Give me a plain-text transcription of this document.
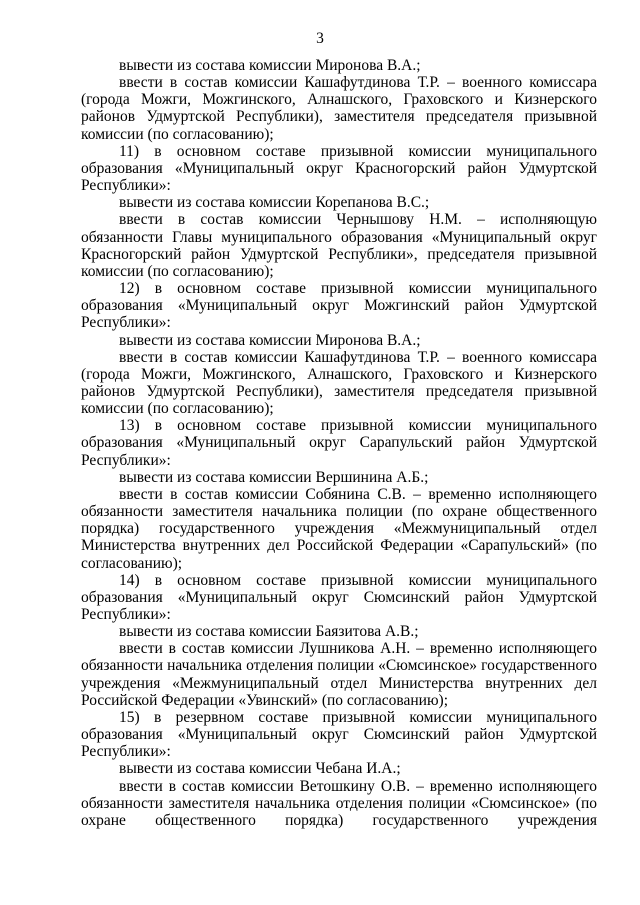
3

вывести из состава комиссии Миронова В.А.;

ввести в состав комиссии Кашафутдинова Т.Р. – военного комиссара (города Можги, Можгинского, Алнашского, Граховского и Кизнерского районов Удмуртской Республики), заместителя председателя призывной комиссии (по согласованию);

11) в основном составе призывной комиссии муниципального образования «Муниципальный округ Красногорский район Удмуртской Республики»:

вывести из состава комиссии Корепанова В.С.;

ввести в состав комиссии Чернышову Н.М. – исполняющую обязанности Главы муниципального образования «Муниципальный округ Красногорский район Удмуртской Республики», председателя призывной комиссии (по согласованию);

12) в основном составе призывной комиссии муниципального образования «Муниципальный округ Можгинский район Удмуртской Республики»:

вывести из состава комиссии Миронова В.А.;

ввести в состав комиссии Кашафутдинова Т.Р. – военного комиссара (города Можги, Можгинского, Алнашского, Граховского и Кизнерского районов Удмуртской Республики), заместителя председателя призывной комиссии (по согласованию);

13) в основном составе призывной комиссии муниципального образования «Муниципальный округ Сарапульский район Удмуртской Республики»:

вывести из состава комиссии Вершинина А.Б.;

ввести в состав комиссии Собянина С.В. – временно исполняющего обязанности заместителя начальника полиции (по охране общественного порядка) государственного учреждения «Межмуниципальный отдел Министерства внутренних дел Российской Федерации «Сарапульский» (по согласованию);

14) в основном составе призывной комиссии муниципального образования «Муниципальный округ Сюмсинский район Удмуртской Республики»:

вывести из состава комиссии Баязитова А.В.;

ввести в состав комиссии Лушникова А.Н. – временно исполняющего обязанности начальника отделения полиции «Сюмсинское» государственного учреждения «Межмуниципальный отдел Министерства внутренних дел Российской Федерации «Увинский» (по согласованию);

15) в резервном составе призывной комиссии муниципального образования «Муниципальный округ Сюмсинский район Удмуртской Республики»:

вывести из состава комиссии Чебана И.А.;

ввести в состав комиссии Ветошкину О.В. – временно исполняющего обязанности заместителя начальника отделения полиции «Сюмсинское» (по охране общественного порядка) государственного учреждения
